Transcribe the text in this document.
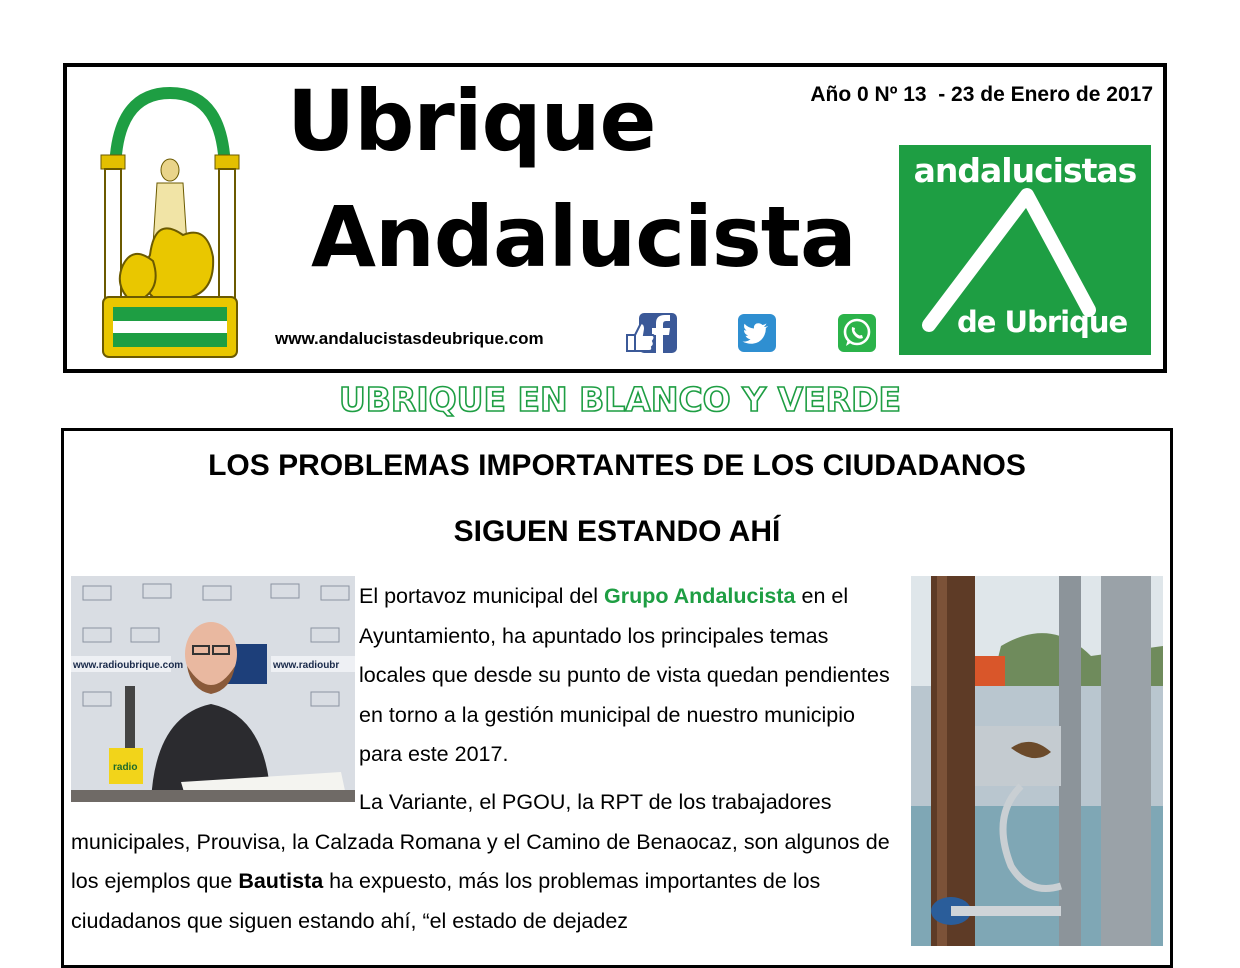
Ubrique
Andalucista
Año 0 Nº 13  - 23 de Enero de 2017
www.andalucistasdeubrique.com
andalucistas
de Ubrique
UBRIQUE EN BLANCO Y VERDE
LOS PROBLEMAS IMPORTANTES DE LOS CIUDADANOS
SIGUEN ESTANDO AHÍ
www.radioubrique.com	www.radioubr
radio
El portavoz municipal del Grupo Andalucista en el Ayuntamiento, ha apuntado los principales temas locales que desde su punto de vista quedan pendientes en torno a la gestión municipal de nuestro municipio para este 2017.
La Variante, el PGOU, la RPT de los trabajadores municipales, Prouvisa, la Calzada Romana y el Camino de Benaocaz, son algunos de los ejemplos que Bautista ha expuesto, más los problemas importantes de los ciudadanos que siguen estando ahí, “el estado de dejadez
